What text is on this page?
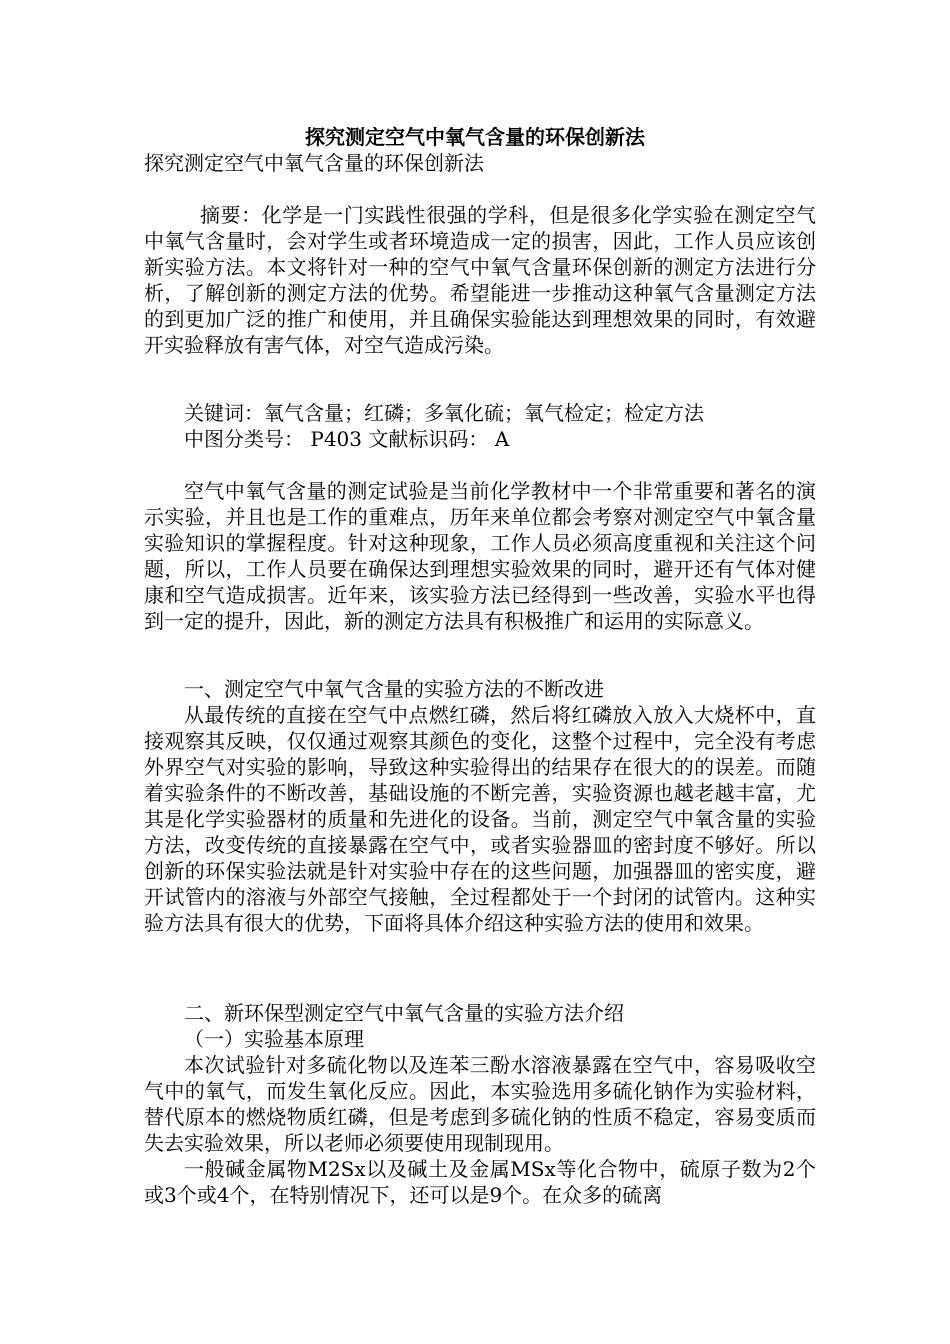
探究测定空气中氧气含量的环保创新法
探究测定空气中氧气含量的环保创新法

摘要：化学是一门实践性很强的学科，但是很多化学实验在测定空气中氧气含量时，会对学生或者环境造成一定的损害，因此，工作人员应该创新实验方法。本文将针对一种的空气中氧气含量环保创新的测定方法进行分析，了解创新的测定方法的优势。希望能进一步推动这种氧气含量测定方法的到更加广泛的推广和使用，并且确保实验能达到理想效果的同时，有效避开实验释放有害气体，对空气造成污染。

关键词：氧气含量；红磷；多氧化硫；氧气检定；检定方法

中图分类号： P403 文献标识码： A

空气中氧气含量的测定试验是当前化学教材中一个非常重要和著名的演示实验，并且也是工作的重难点，历年来单位都会考察对测定空气中氧含量实验知识的掌握程度。针对这种现象，工作人员必须高度重视和关注这个问题，所以，工作人员要在确保达到理想实验效果的同时，避开还有气体对健康和空气造成损害。近年来，该实验方法已经得到一些改善，实验水平也得到一定的提升，因此，新的测定方法具有积极推广和运用的实际意义。

一、测定空气中氧气含量的实验方法的不断改进

从最传统的直接在空气中点燃红磷，然后将红磷放入放入大烧杯中，直接观察其反映，仅仅通过观察其颜色的变化，这整个过程中，完全没有考虑外界空气对实验的影响，导致这种实验得出的结果存在很大的的误差。而随着实验条件的不断改善，基础设施的不断完善，实验资源也越老越丰富，尤其是化学实验器材的质量和先进化的设备。当前，测定空气中氧含量的实验方法，改变传统的直接暴露在空气中，或者实验器皿的密封度不够好。所以创新的环保实验法就是针对实验中存在的这些问题，加强器皿的密实度，避开试管内的溶液与外部空气接触，全过程都处于一个封闭的试管内。这种实验方法具有很大的优势，下面将具体介绍这种实验方法的使用和效果。

二、新环保型测定空气中氧气含量的实验方法介绍

（一）实验基本原理

本次试验针对多硫化物以及连苯三酚水溶液暴露在空气中，容易吸收空气中的氧气，而发生氧化反应。因此，本实验选用多硫化钠作为实验材料，替代原本的燃烧物质红磷，但是考虑到多硫化钠的性质不稳定，容易变质而失去实验效果，所以老师必须要使用现制现用。

一般碱金属物M2Sx以及碱土及金属MSx等化合物中，硫原子数为2个或3个或4个，在特别情况下，还可以是9个。在众多的硫离
